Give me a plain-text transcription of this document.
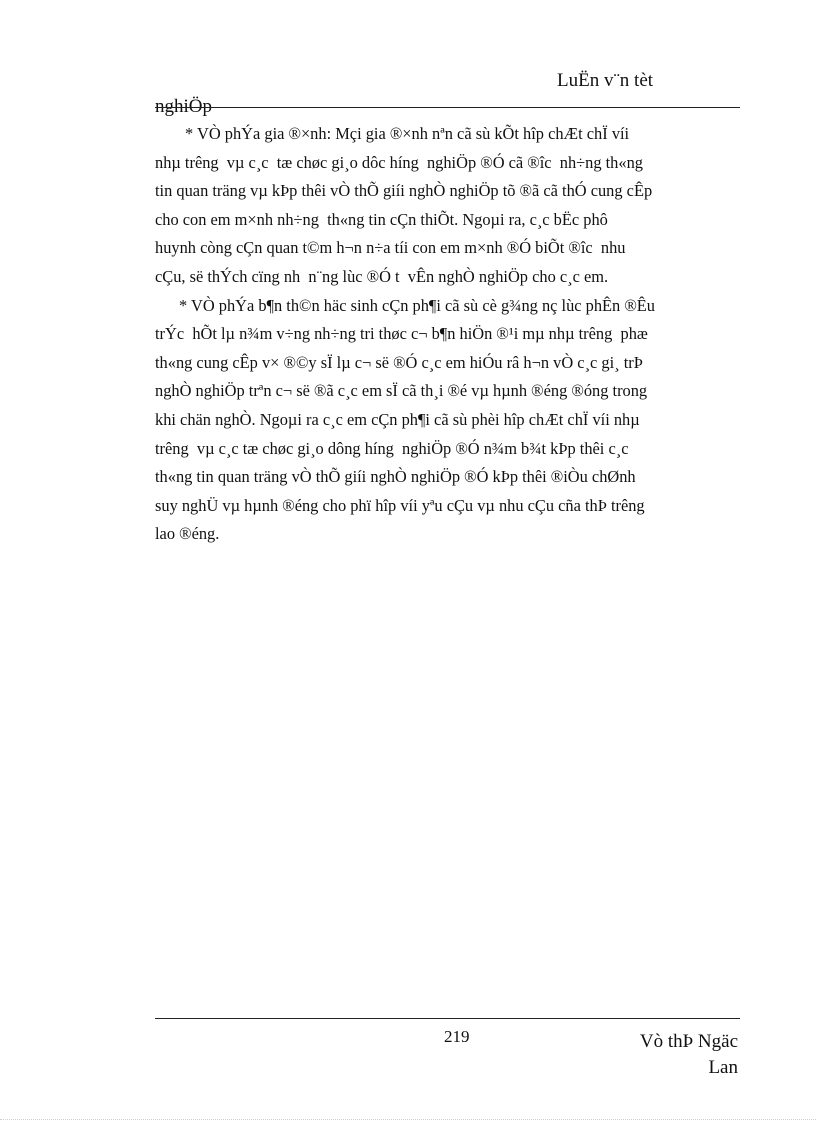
LuËn v¨n tèt
nghiÖp
* VÒ phÝa gia ®×nh: Mçi gia ®×nh nªn cã sù kÕt hîp chÆt chÏ víi
nhµ trêng  vµ c¸c  tæ chøc gi¸o dôc híng  nghiÖp ®Ó cã ®îc  nh÷ng th«ng
tin quan träng vµ kÞp thêi vÒ thÕ giíi nghÒ nghiÖp tõ ®ã cã thÓ cung cÊp
cho con em m×nh nh÷ng  th«ng tin cÇn thiÕt. Ngoµi ra, c¸c bËc phô
huynh còng cÇn quan t©m h¬n n÷a tíi con em m×nh ®Ó biÕt ®îc  nhu
cÇu, së thÝch cïng nh  n¨ng lùc ®Ó t  vÊn nghÒ nghiÖp cho c¸c em.
* VÒ phÝa b¶n th©n häc sinh cÇn ph¶i cã sù cè g¾ng nç lùc phÊn ®Êu
trÝc  hÕt lµ n¾m v÷ng nh÷ng tri thøc c¬ b¶n hiÖn ®¹i mµ nhµ trêng  phæ
th«ng cung cÊp v× ®©y sÏ lµ c¬ së ®Ó c¸c em hiÓu râ h¬n vÒ c¸c gi¸ trÞ
nghÒ nghiÖp trªn c¬ së ®ã c¸c em sÏ cã th¸i ®é vµ hµnh ®éng ®óng trong
khi chän nghÒ. Ngoµi ra c¸c em cÇn ph¶i cã sù phèi hîp chÆt chÏ víi nhµ
trêng  vµ c¸c tæ chøc gi¸o dông híng  nghiÖp ®Ó n¾m b¾t kÞp thêi c¸c
th«ng tin quan träng vÒ thÕ giíi nghÒ nghiÖp ®Ó kÞp thêi ®iÒu chØnh
suy nghÜ vµ hµnh ®éng cho phï hîp víi yªu cÇu vµ nhu cÇu cña thÞ trêng
lao ®éng.
219	Vò thÞ Ngäc
Lan
